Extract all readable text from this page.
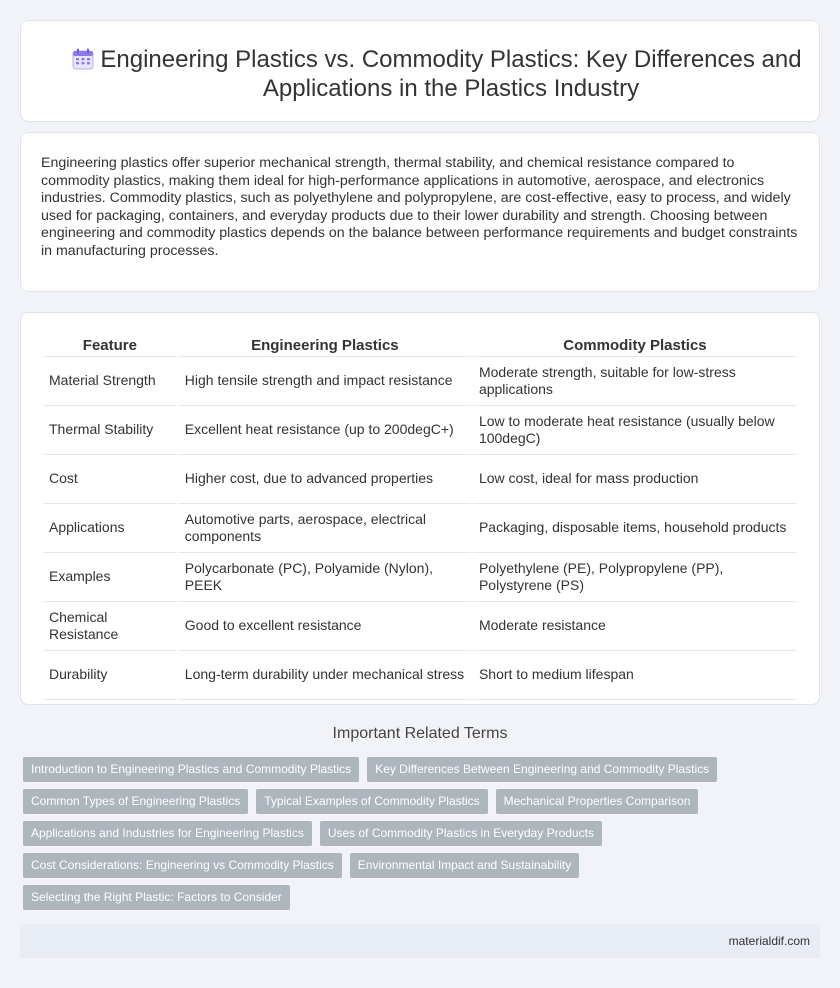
Engineering Plastics vs. Commodity Plastics: Key Differences and Applications in the Plastics Industry

Engineering plastics offer superior mechanical strength, thermal stability, and chemical resistance compared to commodity plastics, making them ideal for high-performance applications in automotive, aerospace, and electronics industries. Commodity plastics, such as polyethylene and polypropylene, are cost-effective, easy to process, and widely used for packaging, containers, and everyday products due to their lower durability and strength. Choosing between engineering and commodity plastics depends on the balance between performance requirements and budget constraints in manufacturing processes.

Feature	Engineering Plastics	Commodity Plastics
Material Strength	High tensile strength and impact resistance	Moderate strength, suitable for low-stress applications
Thermal Stability	Excellent heat resistance (up to 200degC+)	Low to moderate heat resistance (usually below 100degC)
Cost	Higher cost, due to advanced properties	Low cost, ideal for mass production
Applications	Automotive parts, aerospace, electrical components	Packaging, disposable items, household products
Examples	Polycarbonate (PC), Polyamide (Nylon), PEEK	Polyethylene (PE), Polypropylene (PP), Polystyrene (PS)
Chemical Resistance	Good to excellent resistance	Moderate resistance
Durability	Long-term durability under mechanical stress	Short to medium lifespan
Important Related Terms
Introduction to Engineering Plastics and Commodity Plastics	Key Differences Between Engineering and Commodity Plastics
Common Types of Engineering Plastics	Typical Examples of Commodity Plastics	Mechanical Properties Comparison
Applications and Industries for Engineering Plastics	Uses of Commodity Plastics in Everyday Products
Cost Considerations: Engineering vs Commodity Plastics	Environmental Impact and Sustainability
Selecting the Right Plastic: Factors to Consider
materialdif.com
